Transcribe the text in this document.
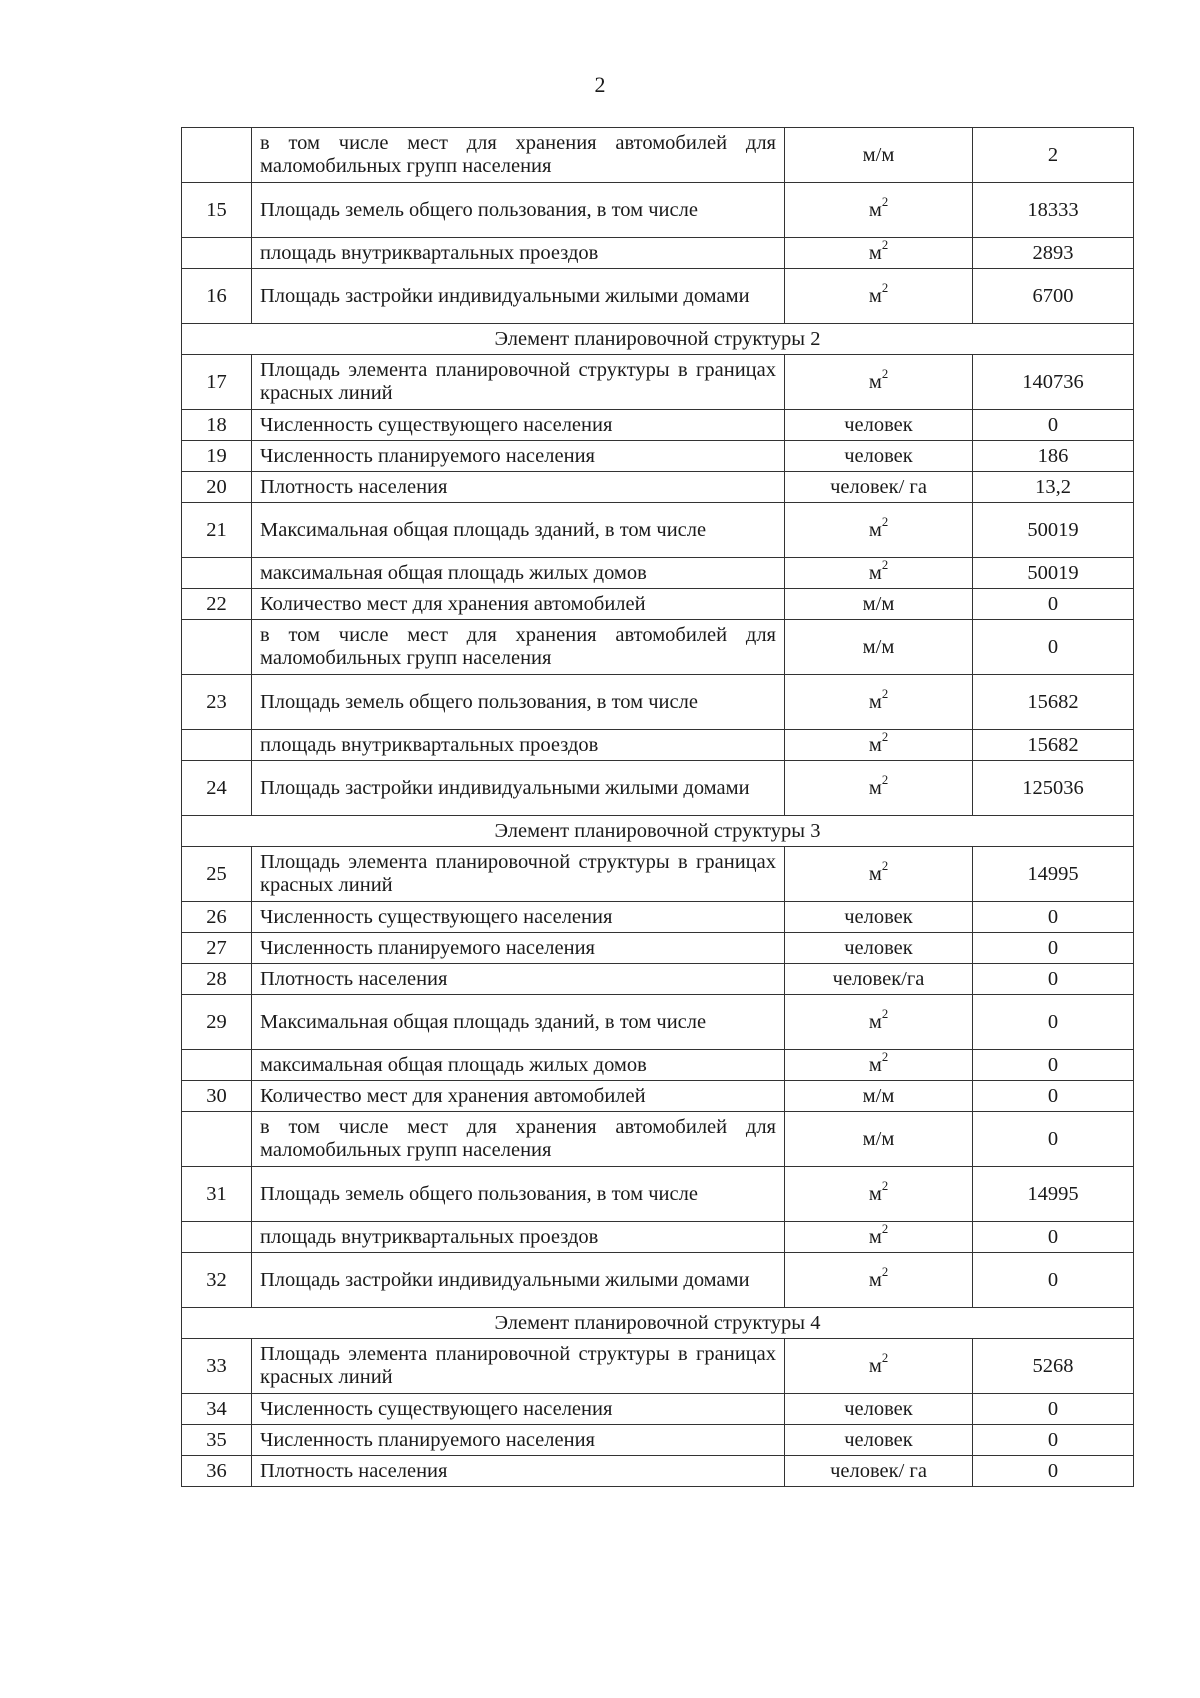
2
	в том числе мест для хранения автомобилей для маломобильных групп населения	м/м	2
15	Площадь земель общего пользования, в том числе	$м^2$	18333
	площадь внутриквартальных проездов	$м^2$	2893
16	Площадь застройки индивидуальными жилыми домами	$м^2$	6700
Элемент планировочной структуры 2			
17	Площадь элемента планировочной структуры в границах красных линий	$м^2$	140736
18	Численность существующего населения	человек	0
19	Численность планируемого населения	человек	186
20	Плотность населения	человек/ га	13,2
21	Максимальная общая площадь зданий, в том числе	$м^2$	50019
	максимальная общая площадь жилых домов	$м^2$	50019
22	Количество мест для хранения автомобилей	м/м	0
	в том числе мест для хранения автомобилей для маломобильных групп населения	м/м	0
23	Площадь земель общего пользования, в том числе	$м^2$	15682
	площадь внутриквартальных проездов	$м^2$	15682
24	Площадь застройки индивидуальными жилыми домами	$м^2$	125036
Элемент планировочной структуры 3			
25	Площадь элемента планировочной структуры в границах красных линий	$м^2$	14995
26	Численность существующего населения	человек	0
27	Численность планируемого населения	человек	0
28	Плотность населения	человек/га	0
29	Максимальная общая площадь зданий, в том числе	$м^2$	0
	максимальная общая площадь жилых домов	$м^2$	0
30	Количество мест для хранения автомобилей	м/м	0
	в том числе мест для хранения автомобилей для маломобильных групп населения	м/м	0
31	Площадь земель общего пользования, в том числе	$м^2$	14995
	площадь внутриквартальных проездов	$м^2$	0
32	Площадь застройки индивидуальными жилыми домами	$м^2$	0
Элемент планировочной структуры 4			
33	Площадь элемента планировочной структуры в границах красных линий	$м^2$	5268
34	Численность существующего населения	человек	0
35	Численность планируемого населения	человек	0
36	Плотность населения	человек/ га	0
